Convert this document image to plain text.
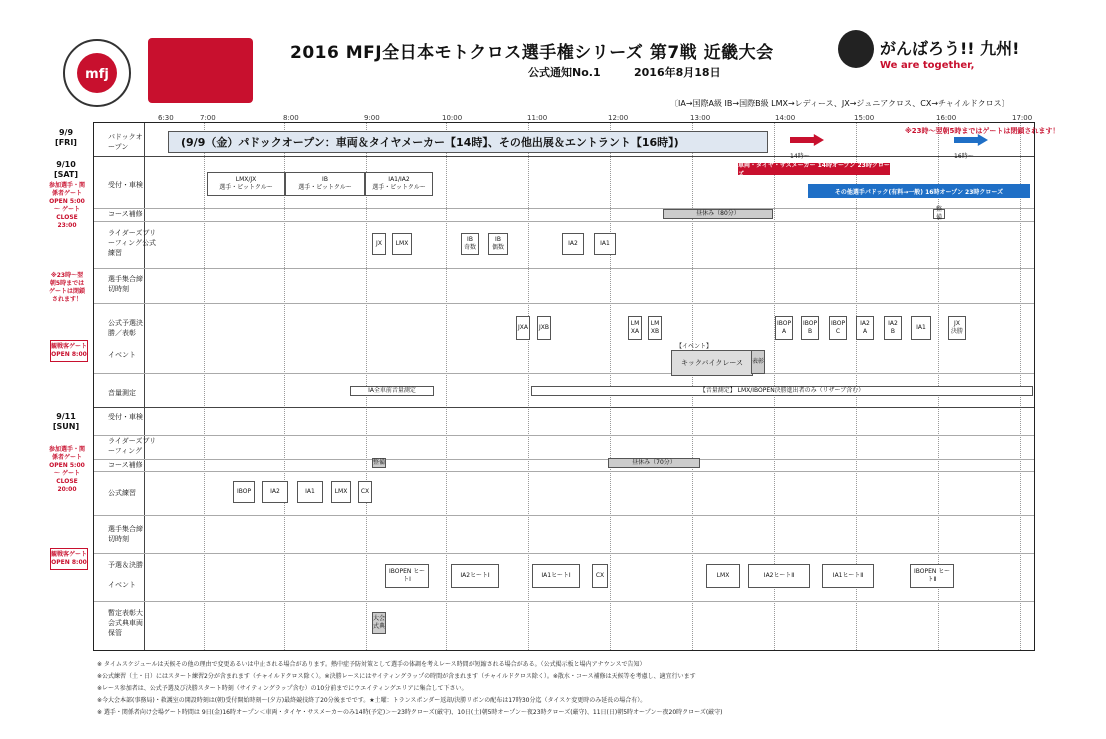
mfj
2016 MFJ全日本モトクロス選手権シリーズ 第7戦 近畿大会
公式通知No.1	2016年8月18日
がんばろう!! 九州!
We are together,
〔IA→国際A級 IB→国際B級 LMX→レディース、JX→ジュニアクロス、CX→チャイルドクロス〕
6:30	7:00	8:00	9:00	10:00	11:00	12:00	13:00	14:00	15:00	16:00	17:00
9/9
[FRI]
9/10
[SAT]
参加選手・関係者ゲートOPEN 5:00 ～ ゲートCLOSE 23:00
※23時～翌朝5時まではゲートは閉鎖されます！
観戦客ゲートOPEN 8:00
9/11
[SUN]
参加選手・関係者ゲートOPEN 5:00 ～ ゲートCLOSE 20:00
観戦客ゲートOPEN 8:00
パドックオープン
受付・車検
コース補修
ライダーズブリーフィング公式練習
選手集合締切時刻
公式予選決勝／表彰
イベント
音量測定
受付・車検
ライダーズブリーフィング
コース補修
公式練習
選手集合締切時刻
予選＆決勝
イベント
暫定表彰大会式典車両保管
(9/9（金）パドックオープン：車両＆タイヤメーカー【14時】、その他出展＆エントラント【16時】)
※23時～翌朝5時まではゲートは閉鎖されます！
14時～	16時～
車両・タイヤ・サスメーカー 14時オープン 23時クローズ
その他選手パドック(有料→一般) 16時オープン 23時クローズ
LMX/JX
選手・ピットクルー
IB
選手・ピットクルー
IA1/IA2
選手・ピットクルー
昼休み（80分）
整備
JX	LMX
IB
奇数
IB
偶数
IA2	IA1
JXA	JXB
LM
XA
LM
XB
IBOP
A
IBOP
B
IBOP
C
IA2
A
IA2
B
IA1
JX
決勝
【イベント】
キックバイクレース	表彰
IA全車前音量測定	【音量測定】 LMX/IBOPEN決勝進出者のみ（リザーブ含む）
整備	昼休み（70分）
IBOP	IA2	IA1	LMX	CX
IBOPEN ヒートⅠ
IA2ヒートⅠ	IA1ヒートⅠ	CX	LMX	IA2ヒートⅡ	IA1ヒートⅡ
IBOPEN ヒートⅡ
大会式典
※ タイムスケジュールは天候その他の理由で変更あるいは中止される場合があります。熱中症予防対策として選手の体調を考えレース時間が短縮される場合がある。（公式掲示板と場内アナウンスで告知）
※公式練習（土・日）にはスタート練習2分が含まれます（チャイルドクロス除く）。※決勝レースにはサイティングラップの時間が含まれます（チャイルドクロス除く）。※散水・コース補修は天候等を考慮し、適宜行います
※レース参加者は、公式予選及び決勝スタート時刻（サイティングラップ含む）の10分前までにウエイティングエリアに集合して下さい。
※今大会本部(事務局)・救護室の開設時刻は(朝)受付開始時刻～(夕方)最終競技終了20分後までです。★土曜：トランスポンダー返却/決勝リボンの配布は17時30分迄（タイスケ変更時のみ延長の場合有）。
※ 選手・関係者向け会場ゲート時間は 9日(金)16時オープン＜車両・タイヤ・サスメーカーのみ14時(予定)＞～23時クローズ(厳守)、10日(土)朝5時オープン～夜23時クローズ(厳守)、11日(日)朝5時オープン～夜20時クローズ(厳守)
